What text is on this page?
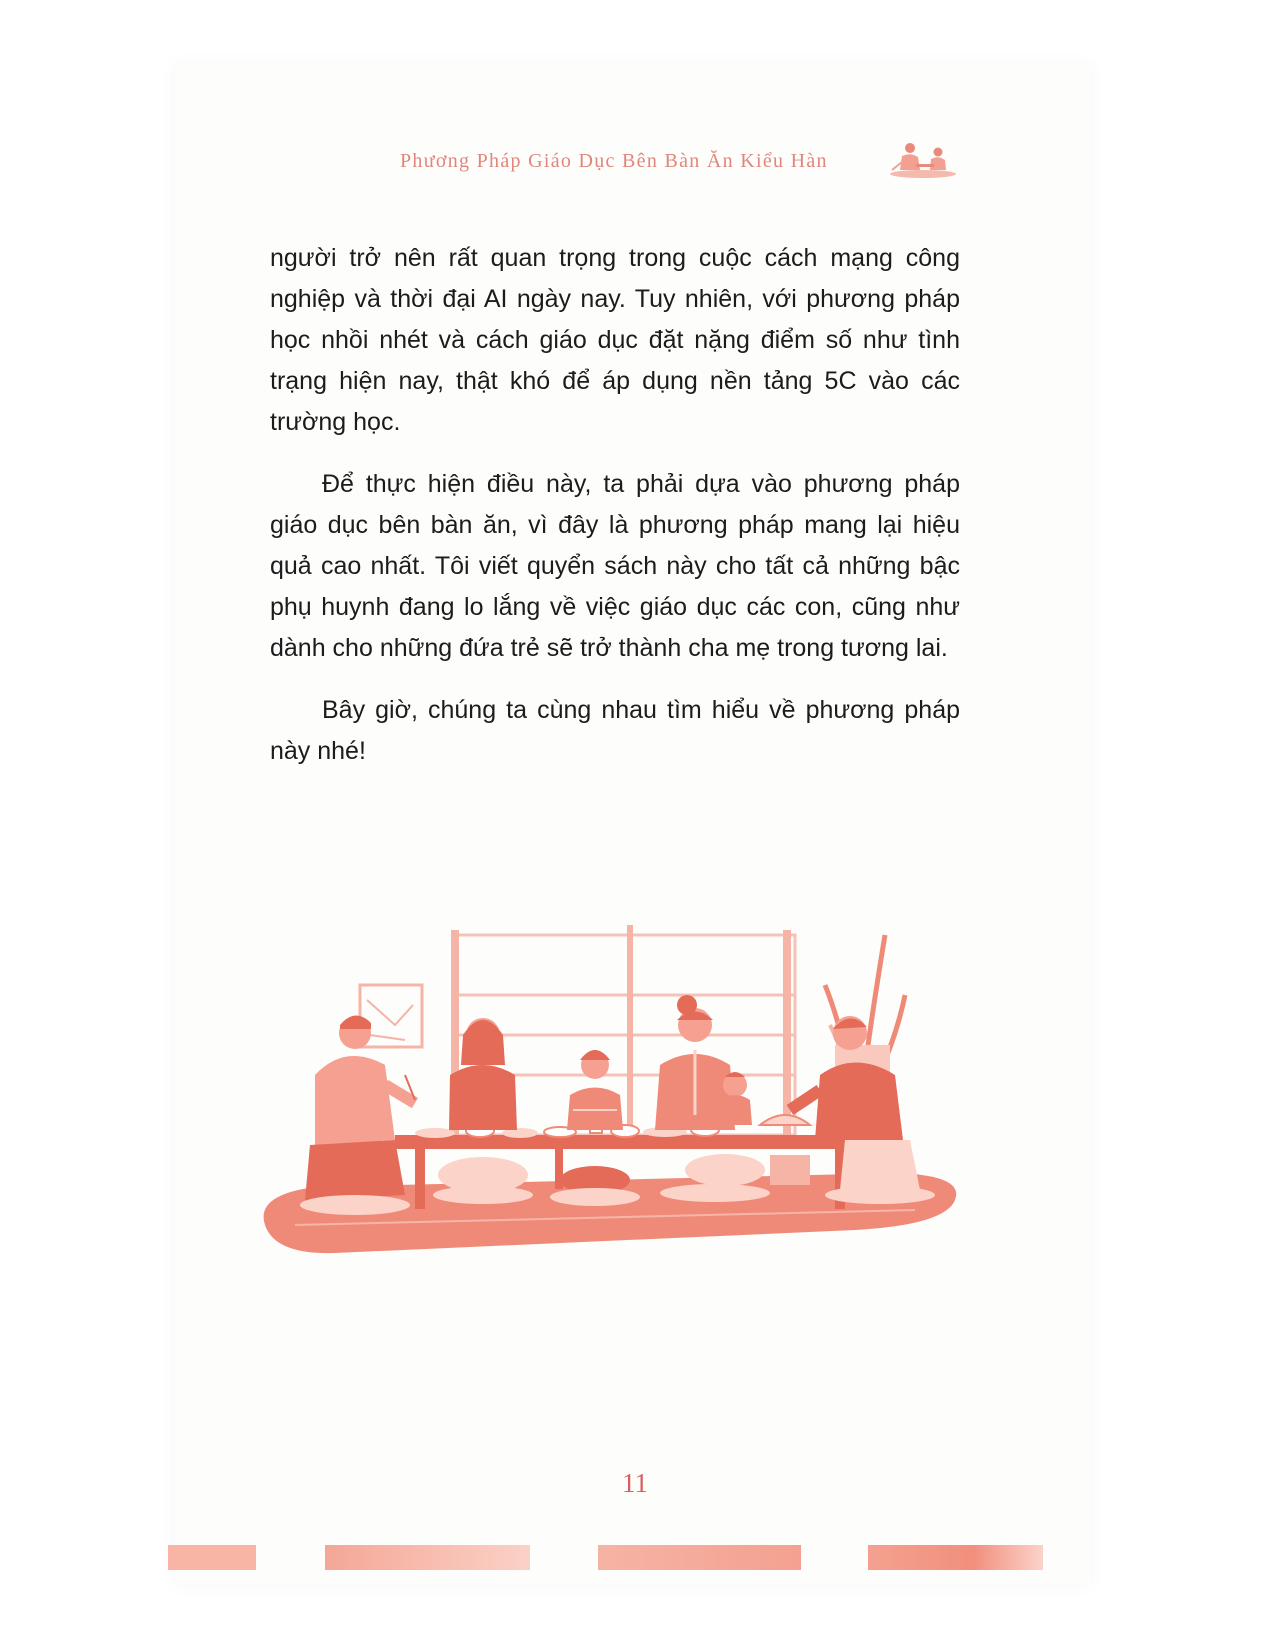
Phương Pháp Giáo Dục Bên Bàn Ăn Kiểu Hàn

người trở nên rất quan trọng trong cuộc cách mạng công nghiệp và thời đại AI ngày nay. Tuy nhiên, với phương pháp học nhồi nhét và cách giáo dục đặt nặng điểm số như tình trạng hiện nay, thật khó để áp dụng nền tảng 5C vào các trường học.

Để thực hiện điều này, ta phải dựa vào phương pháp giáo dục bên bàn ăn, vì đây là phương pháp mang lại hiệu quả cao nhất. Tôi viết quyển sách này cho tất cả những bậc phụ huynh đang lo lắng về việc giáo dục các con, cũng như dành cho những đứa trẻ sẽ trở thành cha mẹ trong tương lai.

Bây giờ, chúng ta cùng nhau tìm hiểu về phương pháp này nhé!

11
